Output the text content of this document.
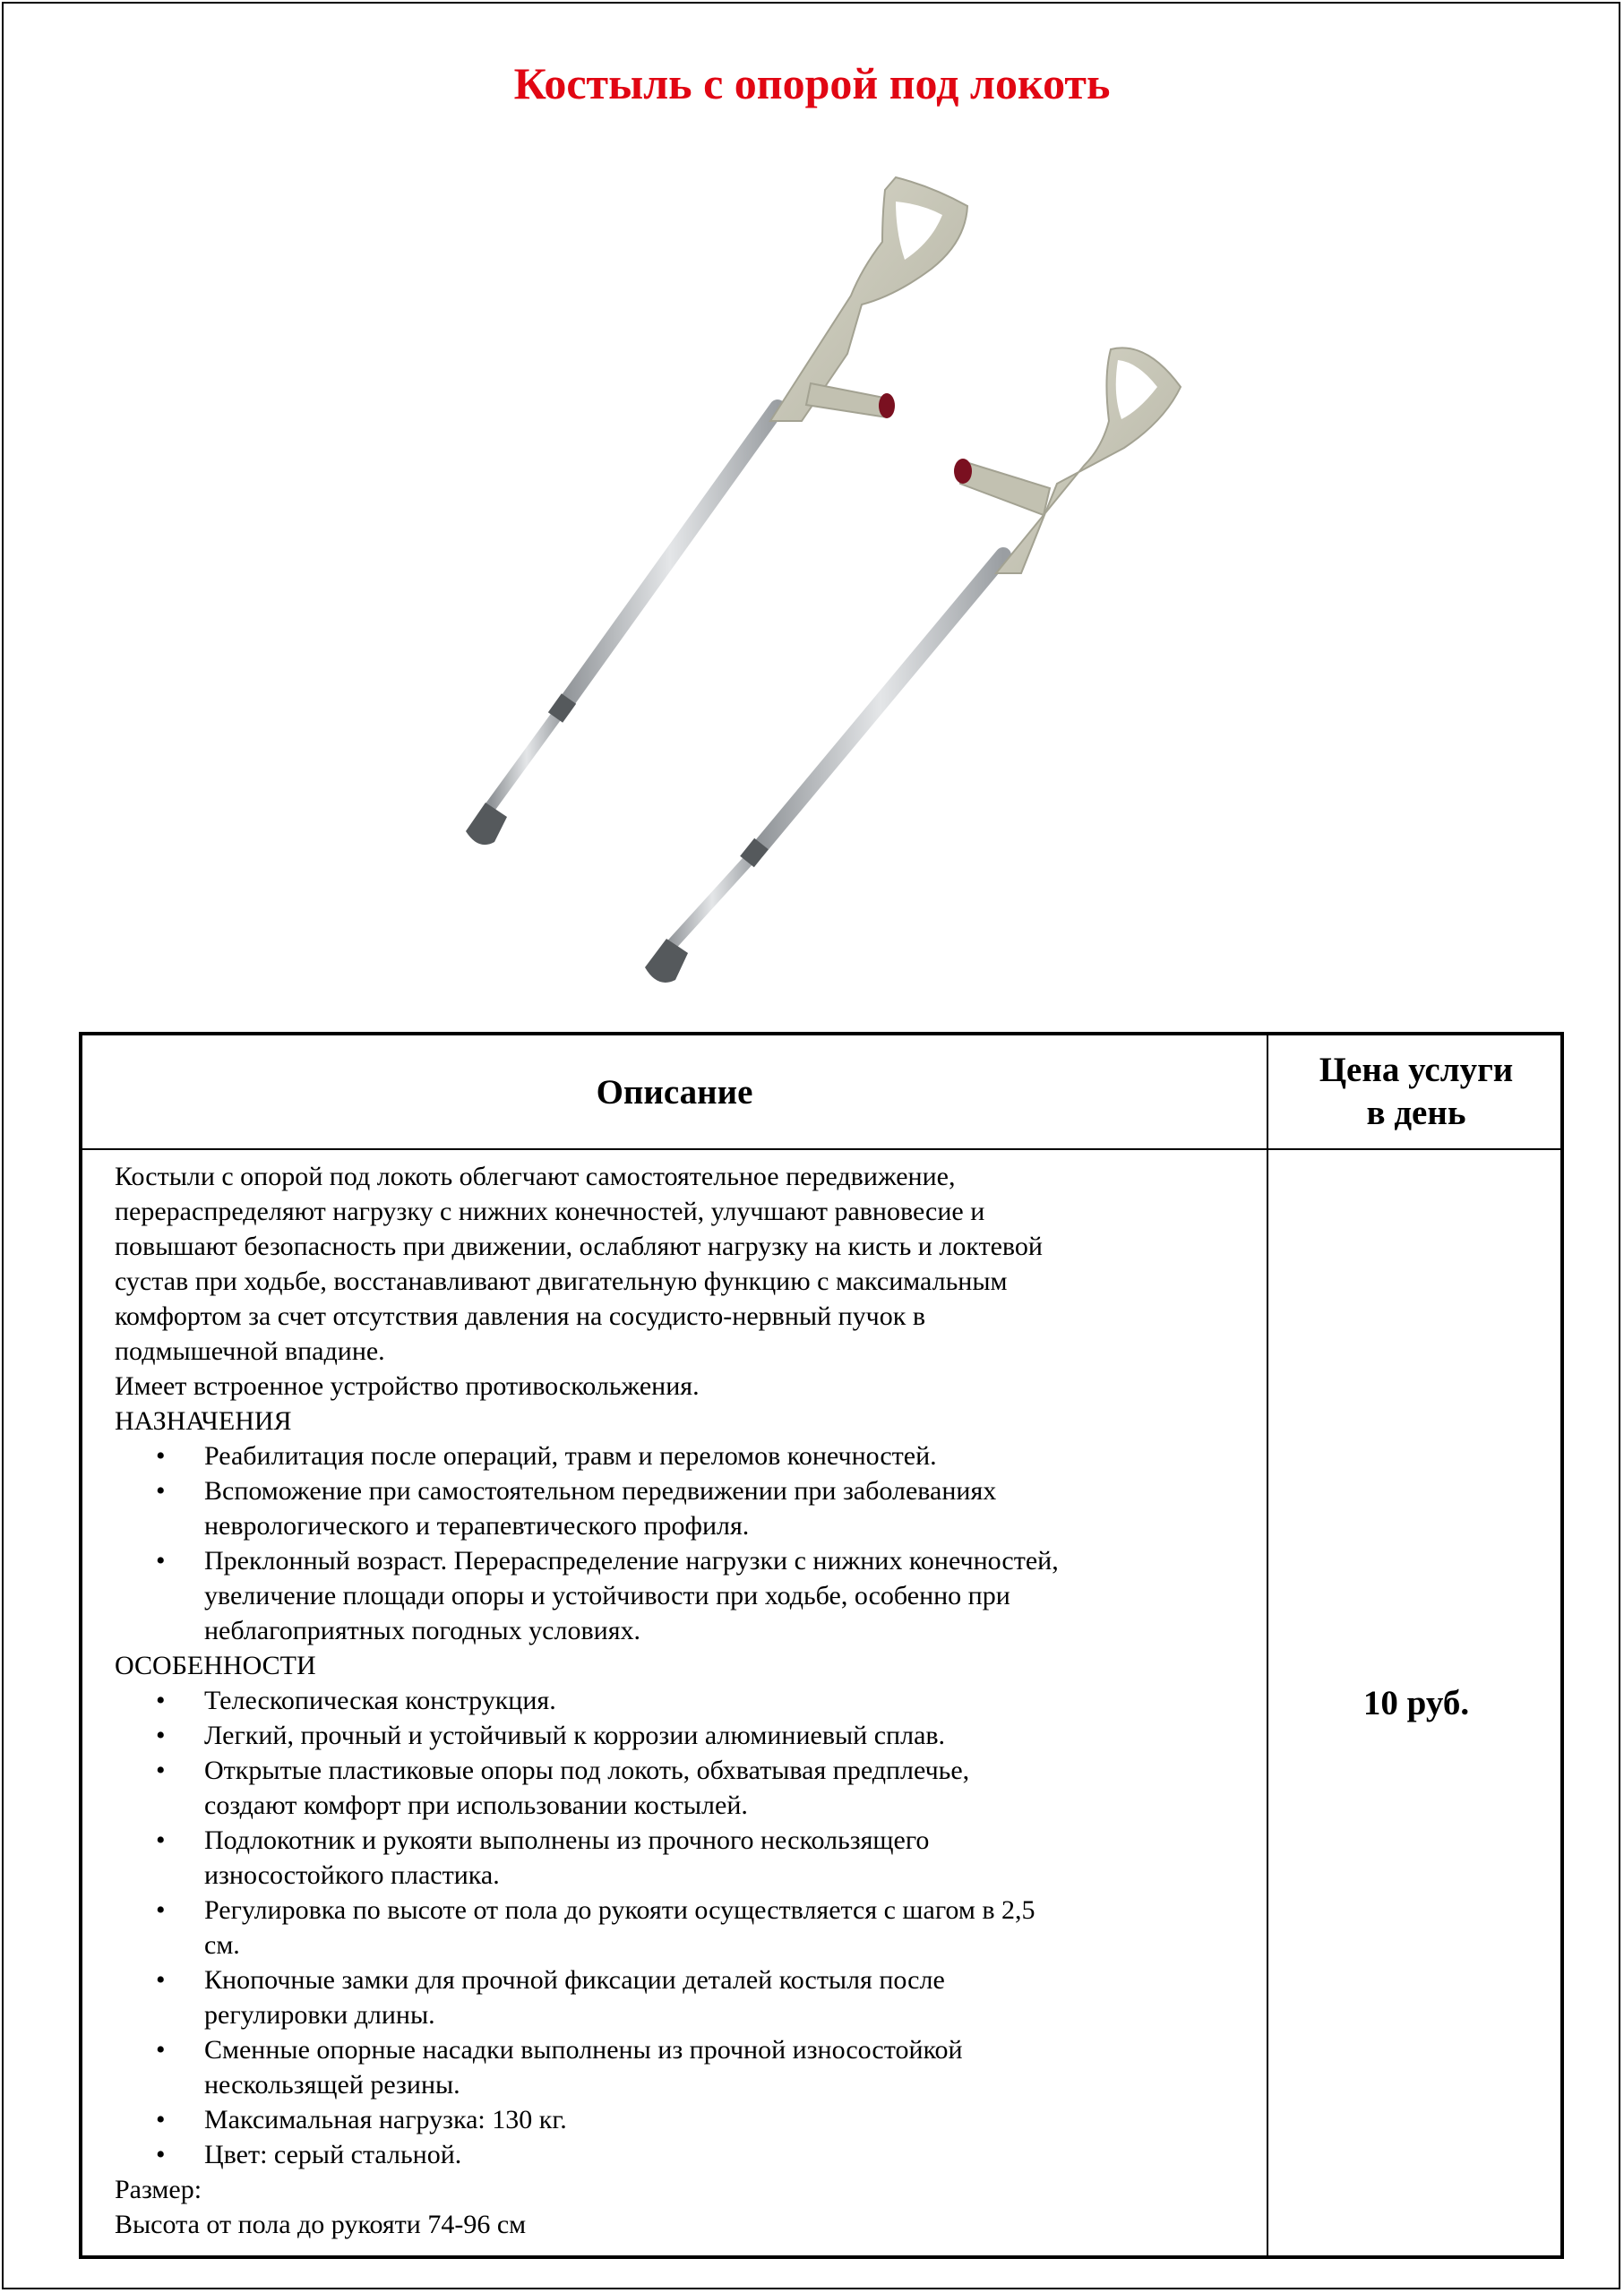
Костыль с опорой под локоть
Описание
Цена услуги
в день

Костыли с опорой под локоть облегчают самостоятельное передвижение,

перераспределяют нагрузку с нижних конечностей, улучшают равновесие и

повышают безопасность при движении, ослабляют нагрузку на кисть и локтевой

сустав при ходьбе, восстанавливают двигательную функцию с максимальным

комфортом за счет отсутствия давления на сосудисто-нервный пучок в

подмышечной впадине.

Имеет встроенное устройство противоскольжения.

НАЗНАЧЕНИЯ

• Реабилитация после операций, травм и переломов конечностей.
• Вспоможение при самостоятельном передвижении при заболеваниях
неврологического и терапевтического профиля.
• Преклонный возраст. Перераспределение нагрузки с нижних конечностей,
увеличение площади опоры и устойчивости при ходьбе, особенно при
неблагоприятных погодных условиях.

ОСОБЕННОСТИ

• Телескопическая конструкция.
• Легкий, прочный и устойчивый к коррозии алюминиевый сплав.
• Открытые пластиковые опоры под локоть, обхватывая предплечье,
создают комфорт при использовании костылей.
• Подлокотник и рукояти выполнены из прочного нескользящего
износостойкого пластика.
• Регулировка по высоте от пола до рукояти осуществляется с шагом в 2,5
см.
• Кнопочные замки для прочной фиксации деталей костыля после
регулировки длины.
• Сменные опорные насадки выполнены из прочной износостойкой
нескользящей резины.
• Максимальная нагрузка: 130 кг.
• Цвет: серый стальной.

Размер:

Высота от пола до рукояти 74-96 см

10 руб.
